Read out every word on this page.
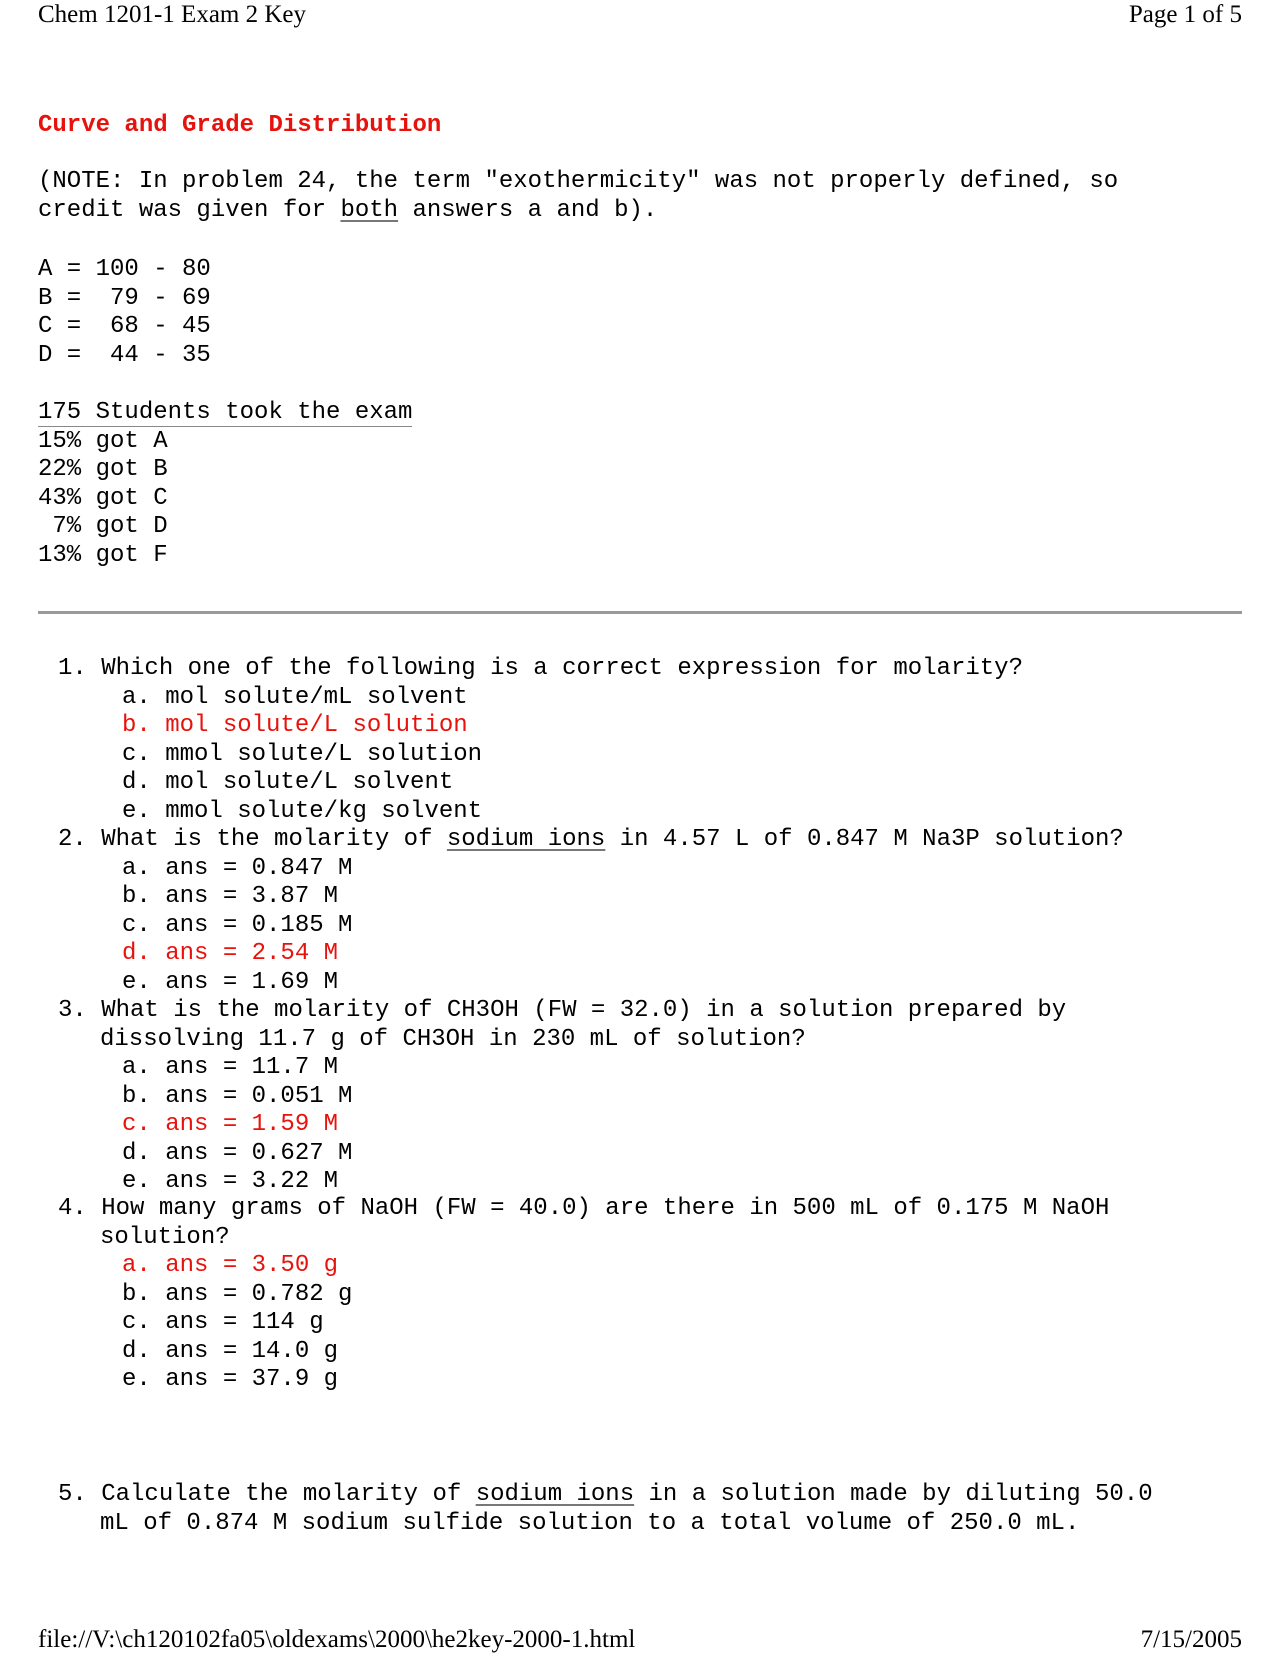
Chem 1201-1 Exam 2 Key	Page 1 of 5
Curve and Grade Distribution
(NOTE: In problem 24, the term "exothermicity" was not properly defined, so
credit was given for both answers a and b).
A = 100 - 80
B =  79 - 69
C =  68 - 45
D =  44 - 35
175 Students took the exam
15% got A
22% got B
43% got C
7% got D
13% got F
1. Which one of the following is a correct expression for molarity?
a. mol solute/mL solvent
b. mol solute/L solution
c. mmol solute/L solution
d. mol solute/L solvent
e. mmol solute/kg solvent
2. What is the molarity of sodium ions in 4.57 L of 0.847 M Na3P solution?
a. ans = 0.847 M
b. ans = 3.87 M
c. ans = 0.185 M
d. ans = 2.54 M
e. ans = 1.69 M
3. What is the molarity of CH3OH (FW = 32.0) in a solution prepared by
dissolving 11.7 g of CH3OH in 230 mL of solution?
a. ans = 11.7 M
b. ans = 0.051 M
c. ans = 1.59 M
d. ans = 0.627 M
e. ans = 3.22 M
4. How many grams of NaOH (FW = 40.0) are there in 500 mL of 0.175 M NaOH
solution?
a. ans = 3.50 g
b. ans = 0.782 g
c. ans = 114 g
d. ans = 14.0 g
e. ans = 37.9 g
5. Calculate the molarity of sodium ions in a solution made by diluting 50.0
mL of 0.874 M sodium sulfide solution to a total volume of 250.0 mL.
file://V:\ch120102fa05\oldexams\2000\he2key-2000-1.html	7/15/2005
